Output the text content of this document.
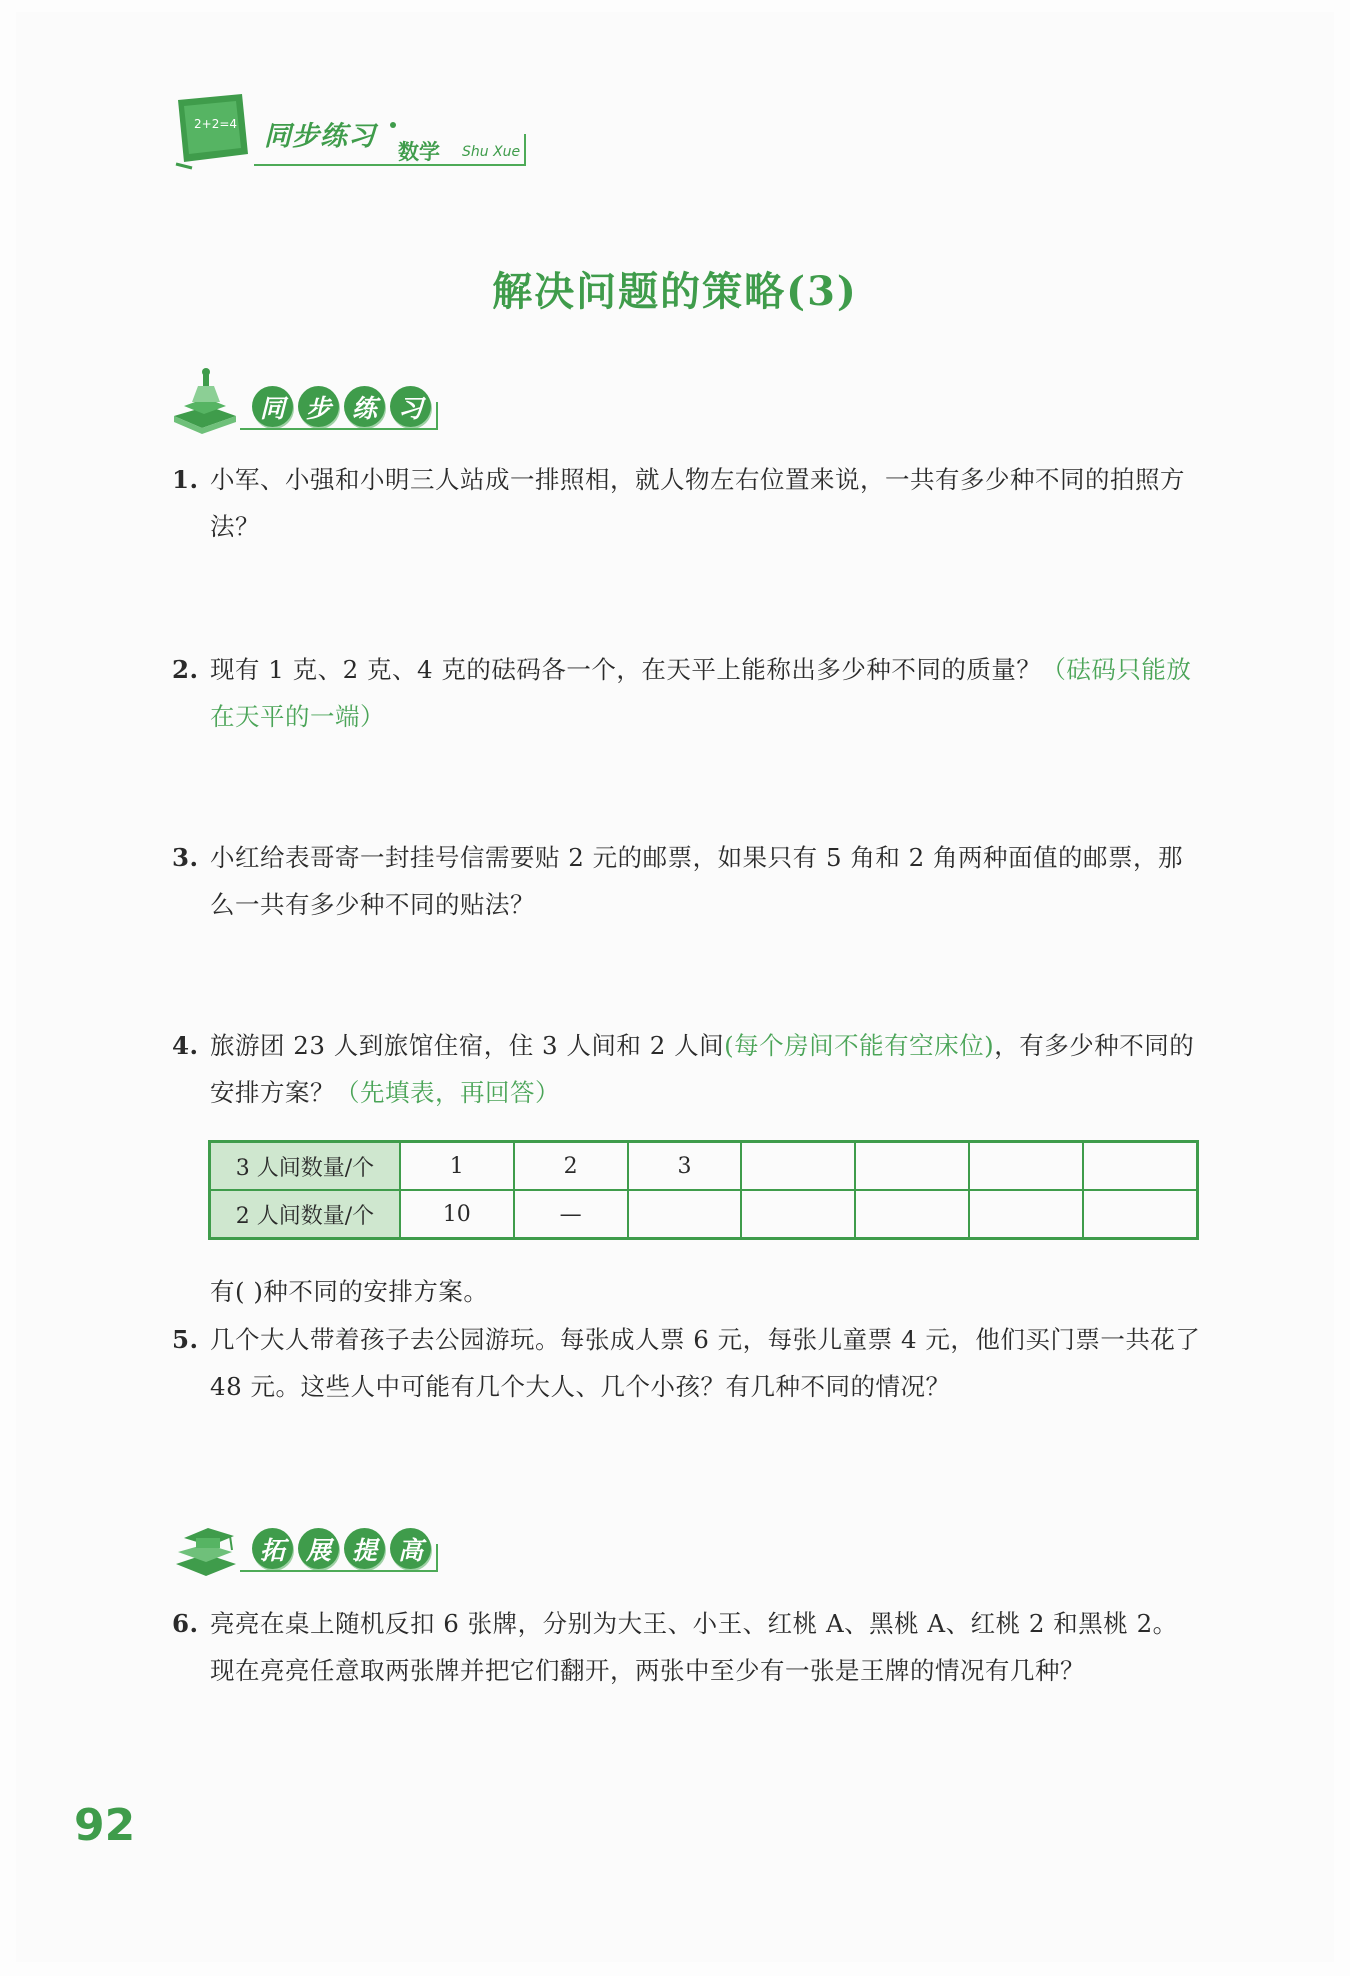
2+2=4 同步练习 数学 Shu Xue
解决问题的策略(3)
同 步 练 习
1. 小军、小强和小明三人站成一排照相，就人物左右位置来说，一共有多少种不同的拍照方法？
2. 现有 1 克、2 克、4 克的砝码各一个，在天平上能称出多少种不同的质量？（砝码只能放在天平的一端）
3. 小红给表哥寄一封挂号信需要贴 2 元的邮票，如果只有 5 角和 2 角两种面值的邮票，那么一共有多少种不同的贴法？
4. 旅游团 23 人到旅馆住宿，住 3 人间和 2 人间(每个房间不能有空床位)，有多少种不同的安排方案？（先填表，再回答）
3 人间数量/个	1	2	3				
2 人间数量/个	10	—					
有( )种不同的安排方案。
5. 几个大人带着孩子去公园游玩。每张成人票 6 元，每张儿童票 4 元，他们买门票一共花了 48 元。这些人中可能有几个大人、几个小孩？有几种不同的情况？
拓 展 提 高
6. 亮亮在桌上随机反扣 6 张牌，分别为大王、小王、红桃 A、黑桃 A、红桃 2 和黑桃 2。现在亮亮任意取两张牌并把它们翻开，两张中至少有一张是王牌的情况有几种？
92
